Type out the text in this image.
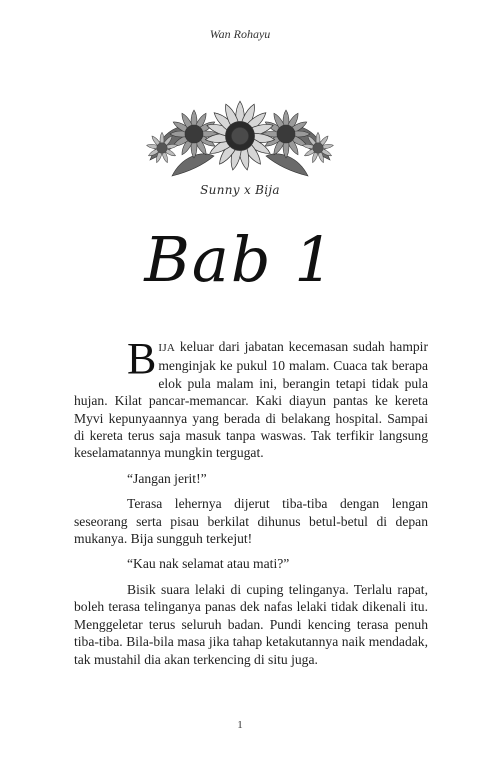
Wan Rohayu
Sunny x Bija
Bab 1

BIJA keluar dari jabatan kecemasan sudah hampir menginjak ke pukul 10 malam. Cuaca tak berapa elok pula malam ini, berangin tetapi tidak pula hujan. Kilat pancar-memancar. Kaki diayun pantas ke kereta Myvi kepunyaannya yang berada di belakang hospital. Sampai di kereta terus saja masuk tanpa waswas. Tak terfikir langsung keselamatannya mungkin tergugat.

“Jangan jerit!”

Terasa lehernya dijerut tiba-tiba dengan lengan seseorang serta pisau berkilat dihunus betul-betul di depan mukanya. Bija sungguh terkejut!

“Kau nak selamat atau mati?”

Bisik suara lelaki di cuping telinganya. Terlalu rapat, boleh terasa telinganya panas dek nafas lelaki tidak dikenali itu. Menggeletar terus seluruh badan. Pundi kencing terasa penuh tiba-tiba. Bila-bila masa jika tahap ketakutannya naik mendadak, tak mustahil dia akan terkencing di situ juga.

1
